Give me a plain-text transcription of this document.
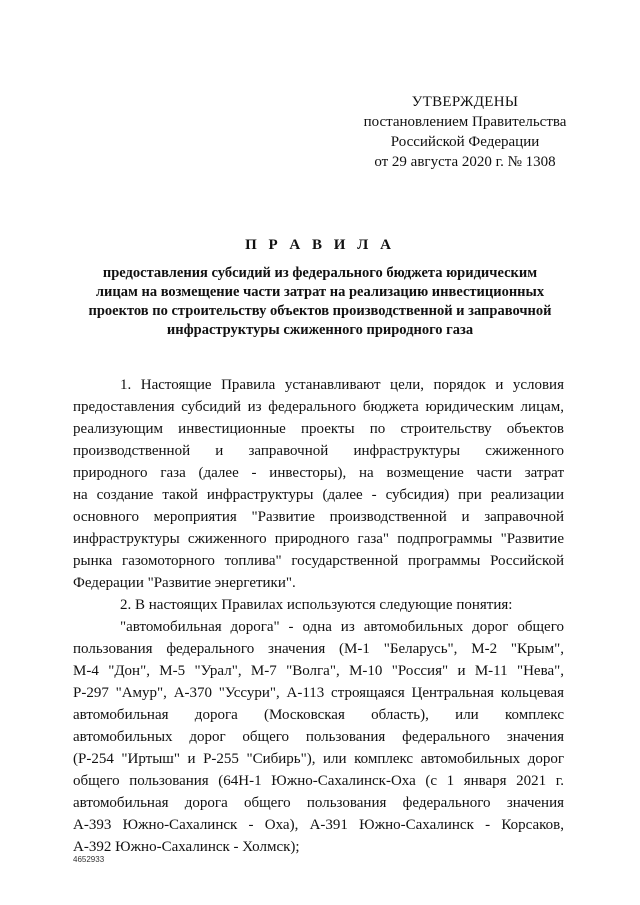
УТВЕРЖДЕНЫ
постановлением Правительства
Российской Федерации
от 29 августа 2020 г. № 1308
П Р А В И Л А
предоставления субсидий из федерального бюджета юридическим
лицам на возмещение части затрат на реализацию инвестиционных
проектов по строительству объектов производственной и заправочной
инфраструктуры сжиженного природного газа
1. Настоящие Правила устанавливают цели, порядок и условия
предоставления субсидий из федерального бюджета юридическим лицам,
реализующим инвестиционные проекты по строительству объектов
производственной и заправочной инфраструктуры сжиженного
природного газа (далее - инвесторы), на возмещение части затрат
на создание такой инфраструктуры (далее - субсидия) при реализации
основного мероприятия "Развитие производственной и заправочной
инфраструктуры сжиженного природного газа" подпрограммы "Развитие
рынка газомоторного топлива" государственной программы Российской
Федерации "Развитие энергетики".
2. В настоящих Правилах используются следующие понятия:
"автомобильная дорога" - одна из автомобильных дорог общего
пользования федерального значения (М-1 "Беларусь", М-2 "Крым",
М-4 "Дон", М-5 "Урал", М-7 "Волга", М-10 "Россия" и М-11 "Нева",
Р-297 "Амур", А-370 "Уссури", А-113 строящаяся Центральная кольцевая
автомобильная дорога (Московская область), или комплекс
автомобильных дорог общего пользования федерального значения
(Р-254 "Иртыш" и Р-255 "Сибирь"), или комплекс автомобильных дорог
общего пользования (64Н-1 Южно-Сахалинск-Оха (с 1 января 2021 г.
автомобильная дорога общего пользования федерального значения
А-393 Южно-Сахалинск - Оха), А-391 Южно-Сахалинск - Корсаков,
А-392 Южно-Сахалинск - Холмск);
4652933
